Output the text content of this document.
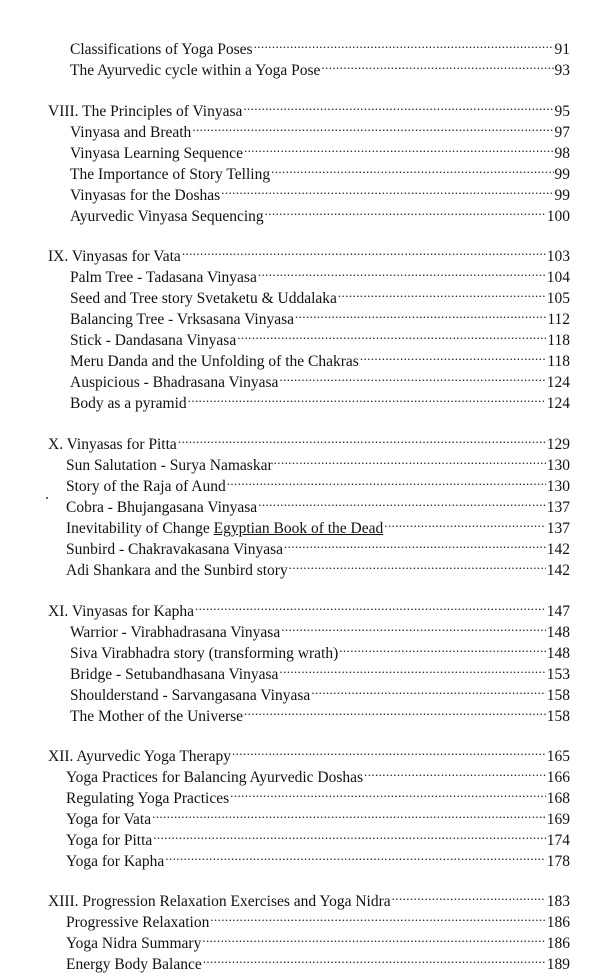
Classifications of Yoga Poses .....	91
The Ayurvedic cycle within a Yoga Pose .....	93
VIII. The Principles of Vinyasa .....	95
Vinyasa and Breath .....	97
Vinyasa Learning Sequence .....	98
The Importance of Story Telling .....	99
Vinyasas for the Doshas .....	99
Ayurvedic Vinyasa Sequencing .....	100
IX. Vinyasas for Vata .....	103
Palm Tree - Tadasana Vinyasa .....	104
Seed and Tree story Svetaketu & Uddalaka .....	105
Balancing Tree - Vrksasana Vinyasa .....	112
Stick - Dandasana Vinyasa .....	118
Meru Danda and the Unfolding of the Chakras .....	118
Auspicious - Bhadrasana Vinyasa .....	124
Body as a pyramid .....	124
X. Vinyasas for Pitta .....	129
Sun Salutation - Surya Namaskar .....	130
Story of the Raja of Aund .....	130
Cobra - Bhujangasana Vinyasa .....	137
Inevitability of Change Egyptian Book of the Dead .....	137
Sunbird - Chakravakasana Vinyasa .....	142
Adi Shankara and the Sunbird story .....	142
XI. Vinyasas for Kapha .....	147
Warrior - Virabhadrasana Vinyasa .....	148
Siva Virabhadra story (transforming wrath) .....	148
Bridge - Setubandhasana Vinyasa .....	153
Shoulderstand - Sarvangasana Vinyasa .....	158
The Mother of the Universe .....	158
XII. Ayurvedic Yoga Therapy .....	165
Yoga Practices for Balancing Ayurvedic Doshas .....	166
Regulating Yoga Practices .....	168
Yoga for Vata .....	169
Yoga for Pitta .....	174
Yoga for Kapha .....	178
XIII. Progression Relaxation Exercises and Yoga Nidra .....	183
Progressive Relaxation .....	186
Yoga Nidra Summary .....	186
Energy Body Balance .....	189
